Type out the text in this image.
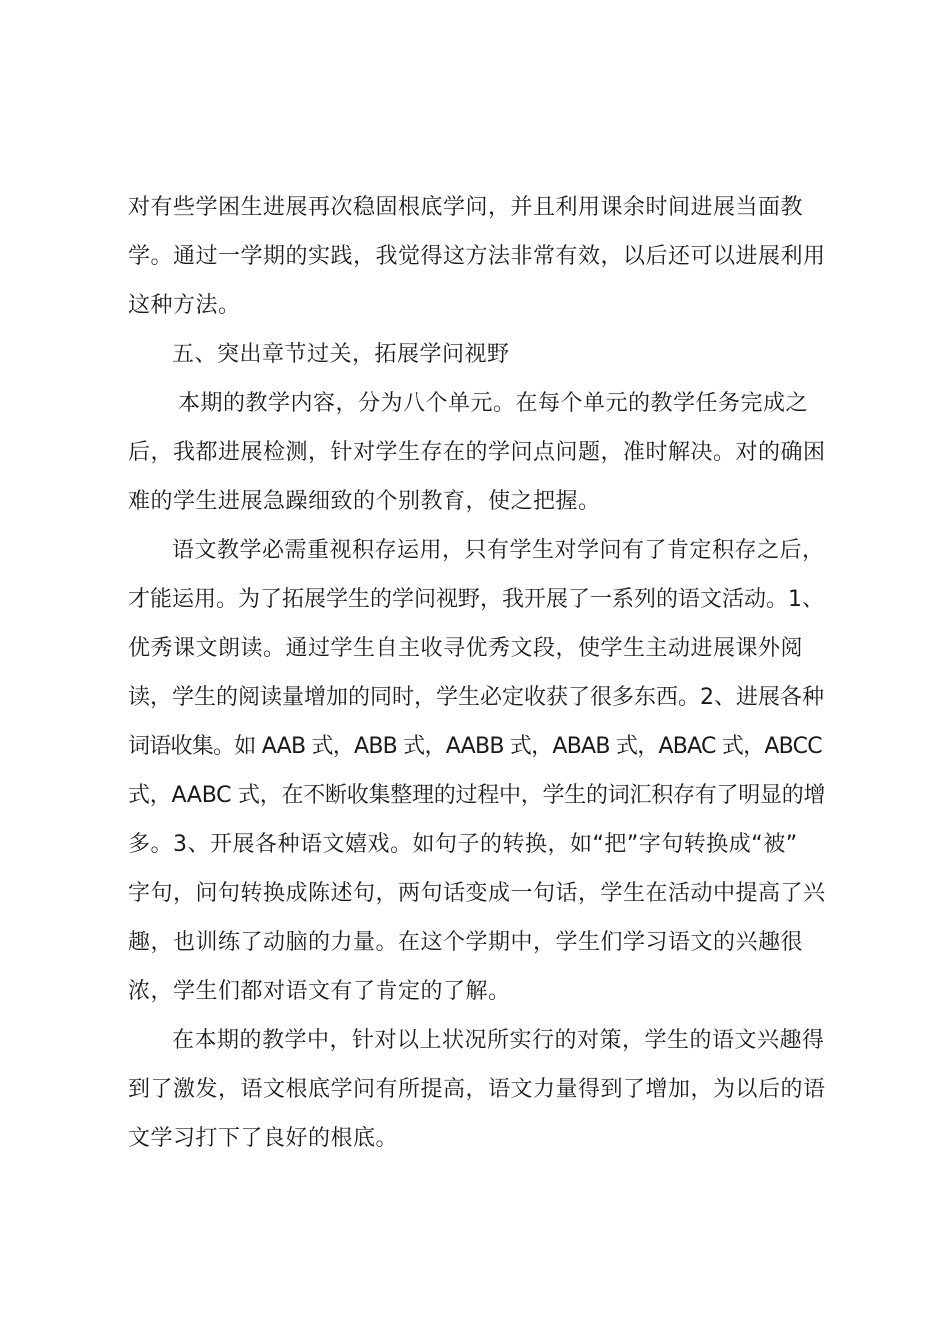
对有些学困生进展再次稳固根底学问，并且利用课余时间进展当面教
学。通过一学期的实践，我觉得这方法非常有效，以后还可以进展利用
这种方法。
五、突出章节过关，拓展学问视野
本期的教学内容，分为八个单元。在每个单元的教学任务完成之
后，我都进展检测，针对学生存在的学问点问题，准时解决。对的确困
难的学生进展急躁细致的个别教育，使之把握。
语文教学必需重视积存运用，只有学生对学问有了肯定积存之后，
才能运用。为了拓展学生的学问视野，我开展了一系列的语文活动。1、
优秀课文朗读。通过学生自主收寻优秀文段，使学生主动进展课外阅
读，学生的阅读量增加的同时，学生必定收获了很多东西。2、进展各种
词语收集。如 AAB 式，ABB 式，AABB 式，ABAB 式，ABAC 式，ABCC
式，AABC 式，在不断收集整理的过程中，学生的词汇积存有了明显的增
多。3、开展各种语文嬉戏。如句子的转换，如“把”字句转换成“被”
字句，问句转换成陈述句，两句话变成一句话，学生在活动中提高了兴
趣，也训练了动脑的力量。在这个学期中，学生们学习语文的兴趣很
浓，学生们都对语文有了肯定的了解。
在本期的教学中，针对以上状况所实行的对策，学生的语文兴趣得
到了激发，语文根底学问有所提高，语文力量得到了增加，为以后的语
文学习打下了良好的根底。
